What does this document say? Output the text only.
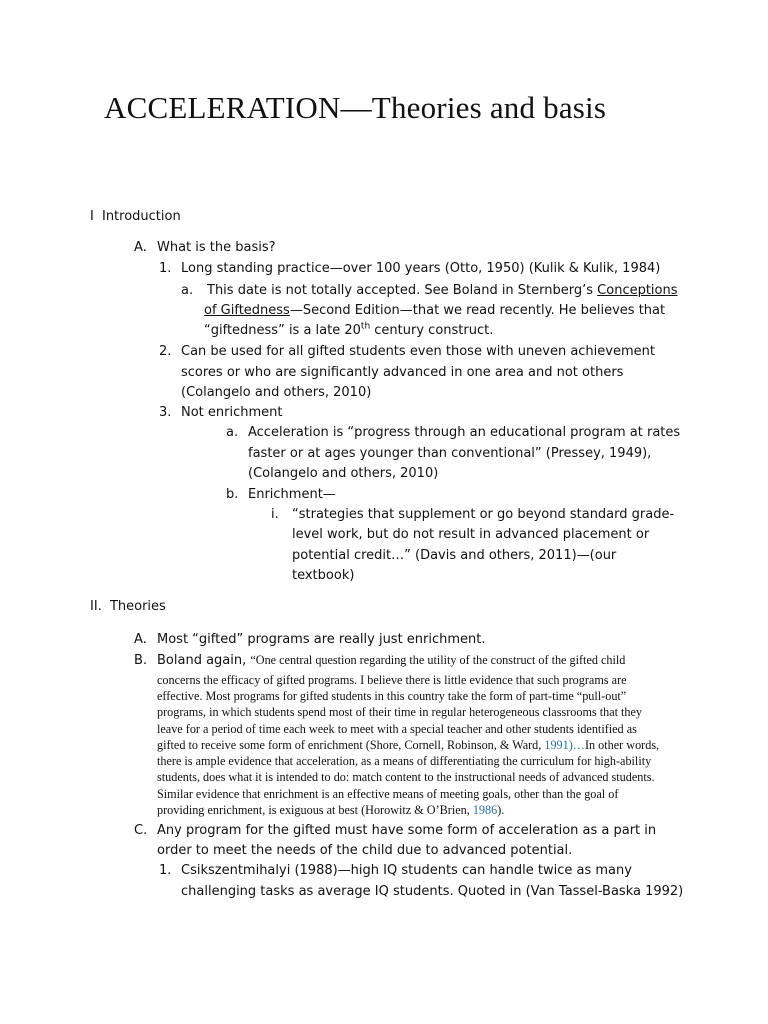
ACCELERATION—Theories and basis
I Introduction
A. What is the basis?
1. Long standing practice—over 100 years (Otto, 1950) (Kulik & Kulik, 1984)
a. This date is not totally accepted. See Boland in Sternberg’s Conceptions
of Giftedness—Second Edition—that we read recently. He believes that
“giftedness” is a late 20th century construct.
2. Can be used for all gifted students even those with uneven achievement
scores or who are significantly advanced in one area and not others
(Colangelo and others, 2010)
3. Not enrichment
a. Acceleration is “progress through an educational program at rates
faster or at ages younger than conventional” (Pressey, 1949),
(Colangelo and others, 2010)
b. Enrichment—
i. “strategies that supplement or go beyond standard grade-
level work, but do not result in advanced placement or
potential credit…” (Davis and others, 2011)—(our
textbook)
II. Theories
A. Most “gifted” programs are really just enrichment.
B. Boland again, “One central question regarding the utility of the construct of the gifted child
concerns the efficacy of gifted programs. I believe there is little evidence that such programs are
effective. Most programs for gifted students in this country take the form of part-time “pull-out”
programs, in which students spend most of their time in regular heterogeneous classrooms that they
leave for a period of time each week to meet with a special teacher and other students identified as
gifted to receive some form of enrichment (Shore, Cornell, Robinson, & Ward, 1991)…In other words,
there is ample evidence that acceleration, as a means of differentiating the curriculum for high-ability
students, does what it is intended to do: match content to the instructional needs of advanced students.
Similar evidence that enrichment is an effective means of meeting goals, other than the goal of
providing enrichment, is exiguous at best (Horowitz & O’Brien, 1986).
C. Any program for the gifted must have some form of acceleration as a part in
order to meet the needs of the child due to advanced potential.
1. Csikszentmihalyi (1988)—high IQ students can handle twice as many
challenging tasks as average IQ students. Quoted in (Van Tassel-Baska 1992)
